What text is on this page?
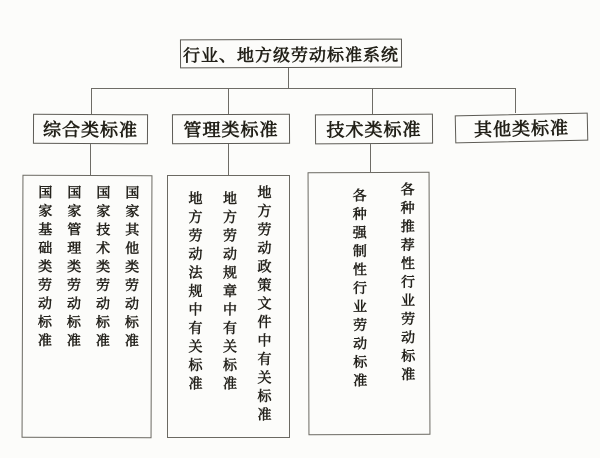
行业、地方级劳动标准系统
综合类标准	管理类标准	技术类标准	其他类标准
国家基础类劳动标准 国家管理类劳动标准 国家技术类劳动标准 国家其他类劳动标准	地方劳动法规中有关标准 地方劳动规章中有关标准 地方劳动政策文件中有关标准	各种强制性行业劳动标准 各种推荐性行业劳动标准
